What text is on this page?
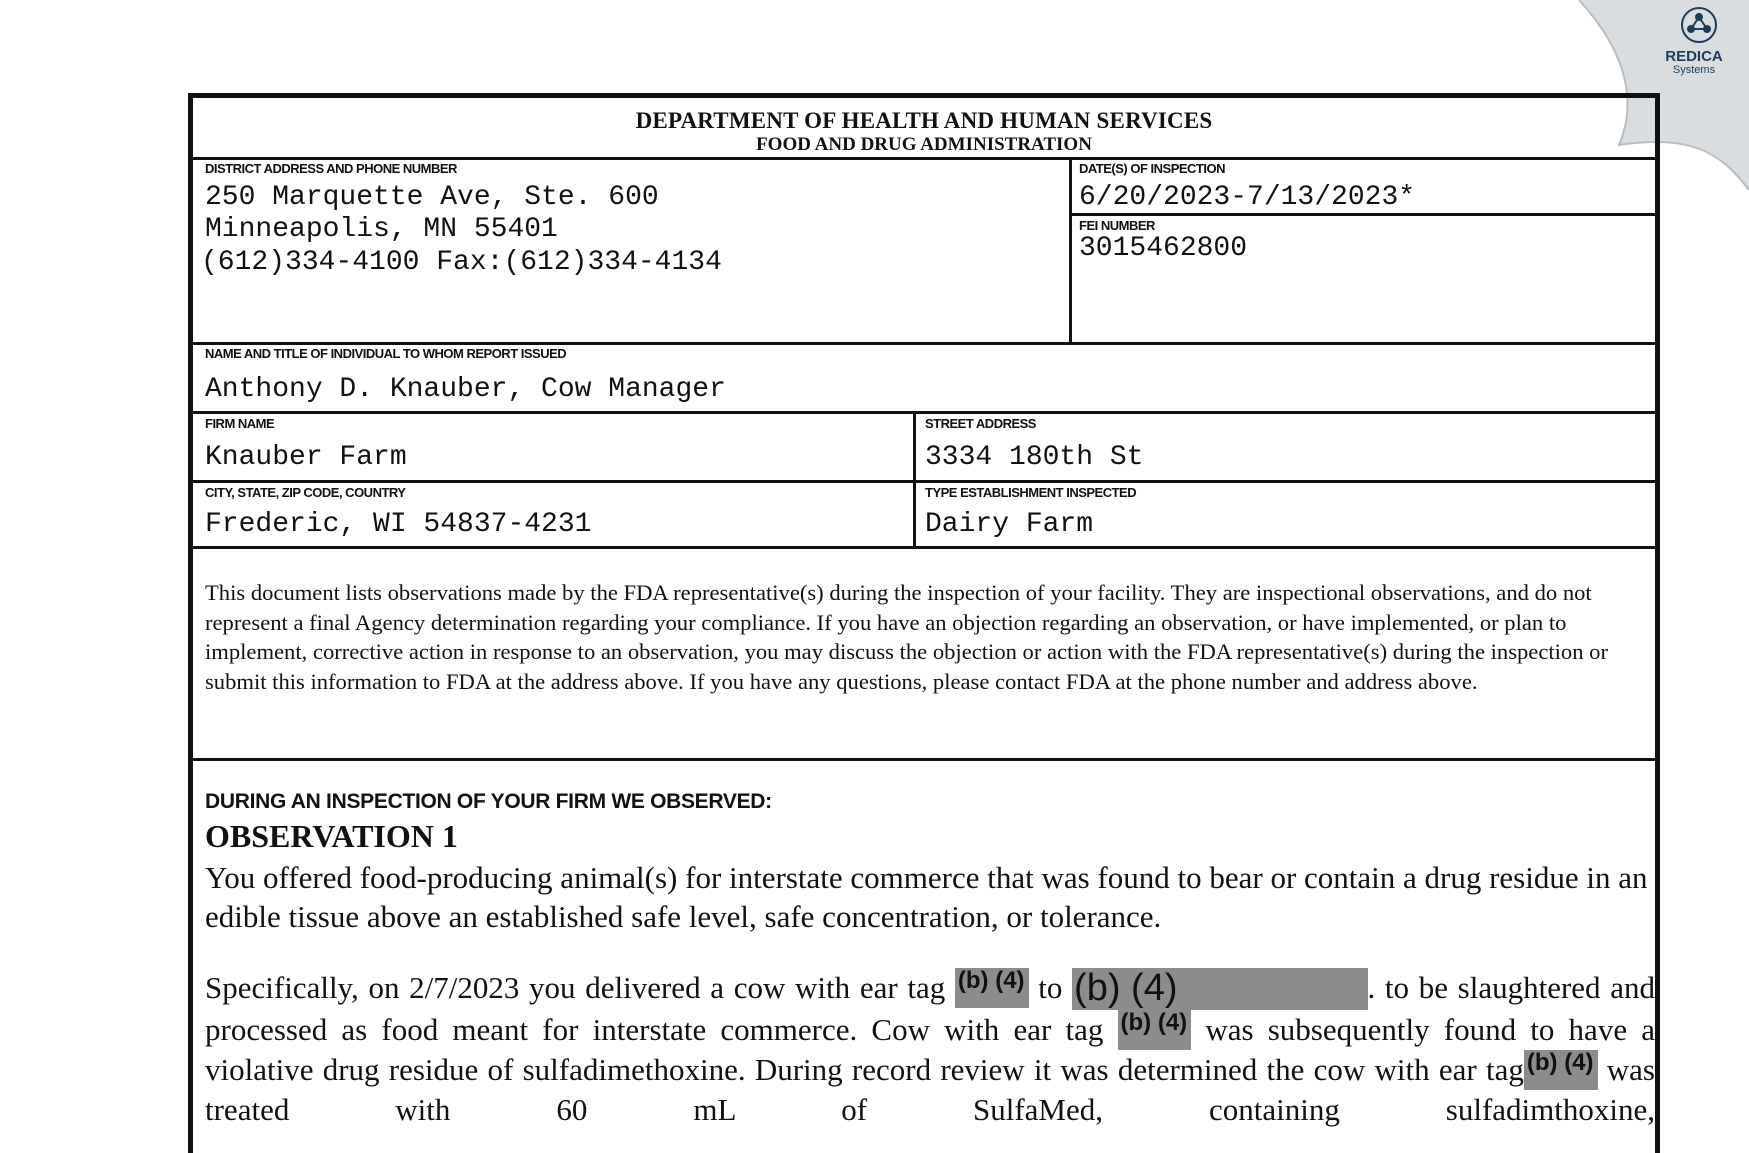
REDICA
Systems
DEPARTMENT OF HEALTH AND HUMAN SERVICES
FOOD AND DRUG ADMINISTRATION
DISTRICT ADDRESS AND PHONE NUMBER
250 Marquette Ave, Ste. 600
Minneapolis, MN 55401
(612)334-4100 Fax:(612)334-4134
DATE(S) OF INSPECTION
6/20/2023-7/13/2023*
FEI NUMBER
3015462800
NAME AND TITLE OF INDIVIDUAL TO WHOM REPORT ISSUED
Anthony D. Knauber, Cow Manager
FIRM NAME
Knauber Farm
STREET ADDRESS
3334 180th St
CITY, STATE, ZIP CODE, COUNTRY
Frederic, WI 54837-4231
TYPE ESTABLISHMENT INSPECTED
Dairy Farm
This document lists observations made by the FDA representative(s) during the inspection of your facility. They are inspectional observations, and do not represent a final Agency determination regarding your compliance. If you have an objection regarding an observation, or have implemented, or plan to implement, corrective action in response to an observation, you may discuss the objection or action with the FDA representative(s) during the inspection or submit this information to FDA at the address above. If you have any questions, please contact FDA at the phone number and address above.
DURING AN INSPECTION OF YOUR FIRM WE OBSERVED:
OBSERVATION 1
You offered food-producing animal(s) for interstate commerce that was found to bear or contain a drug residue in an edible tissue above an established safe level, safe concentration, or tolerance.
Specifically, on 2/7/2023 you delivered a cow with ear tag (b) (4) to (b) (4)	. to be slaughtered and processed as food meant for interstate commerce. Cow with ear tag (b) (4) was subsequently found to have a violative drug residue of sulfadimethoxine. During record review it was determined the cow with ear tag (b) (4) was treated with 60 mL of SulfaMed, containing sulfadimthoxine,
